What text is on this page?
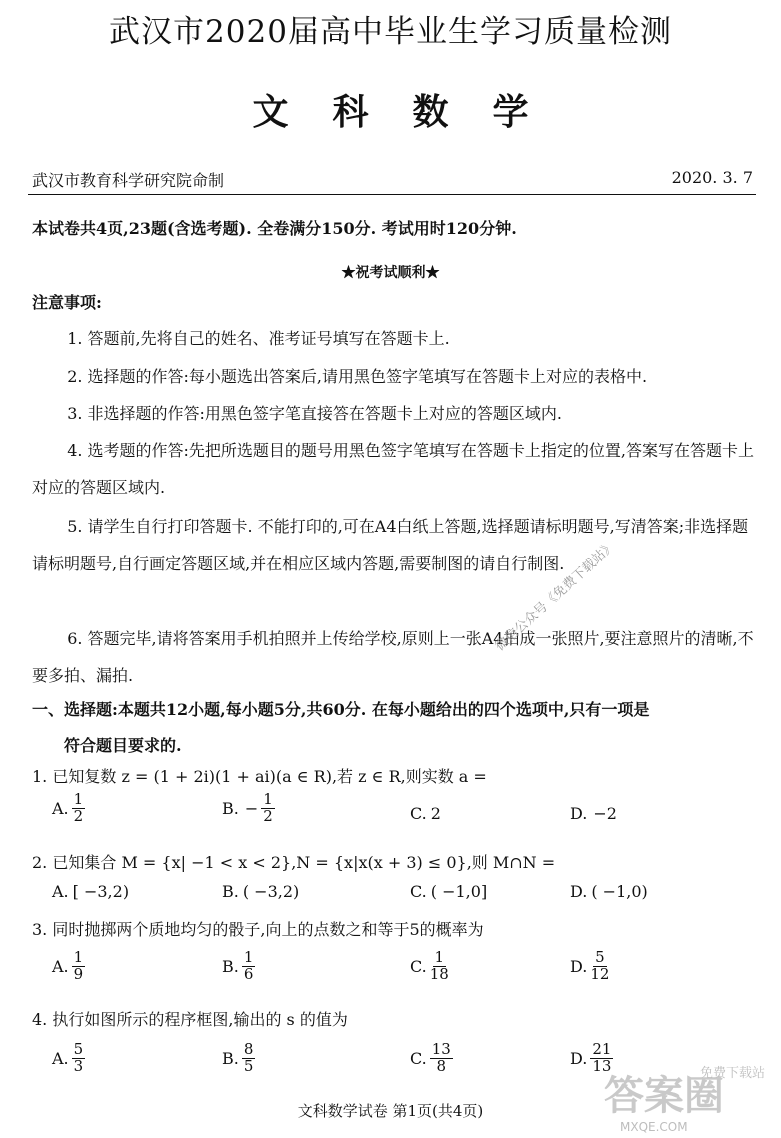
武汉市2020届高中毕业生学习质量检测
文科数学
武汉市教育科学研究院命制	2020. 3. 7
本试卷共4页,23题(含选考题). 全卷满分150分. 考试用时120分钟.
★祝考试顺利★
注意事项:
1. 答题前,先将自己的姓名、准考证号填写在答题卡上.
2. 选择题的作答:每小题选出答案后,请用黑色签字笔填写在答题卡上对应的表格中.
3. 非选择题的作答:用黑色签字笔直接答在答题卡上对应的答题区域内.
4. 选考题的作答:先把所选题目的题号用黑色签字笔填写在答题卡上指定的位置,答案写在答题卡上对应的答题区域内.
5. 请学生自行打印答题卡. 不能打印的,可在A4白纸上答题,选择题请标明题号,写清答案;非选择题请标明题号,自行画定答题区域,并在相应区域内答题,需要制图的请自行制图.
6. 答题完毕,请将答案用手机拍照并上传给学校,原则上一张A4拍成一张照片,要注意照片的清晰,不要多拍、漏拍.
一、选择题:本题共12小题,每小题5分,共60分. 在每小题给出的四个选项中,只有一项是
符合题目要求的.
1. 已知复数 z = (1 + 2i)(1 + ai)(a ∈ R),若 z ∈ R,则实数 a =
A. $\frac{1}{2}$	B. − $\frac{1}{2}$	C. 2	D. −2
2. 已知集合 M = {x| −1 < x < 2},N = {x|x(x + 3) ≤ 0},则 M∩N =
A. [ −3,2)	B. ( −3,2)	C. ( −1,0]	D. ( −1,0)
3. 同时抛掷两个质地均匀的骰子,向上的点数之和等于5的概率为
A. $\frac{1}{9}$	B. $\frac{1}{6}$	C. $\frac{1}{18}$	D. $\frac{5}{12}$
4. 执行如图所示的程序框图,输出的 s 的值为
A. $\frac{5}{3}$	B. $\frac{8}{5}$	C. $\frac{13}{8}$	D. $\frac{21}{13}$
文科数学试卷 第1页(共4页)
微信公众号《免费下载站》
答案圈
免费下载站
MXQE.COM
